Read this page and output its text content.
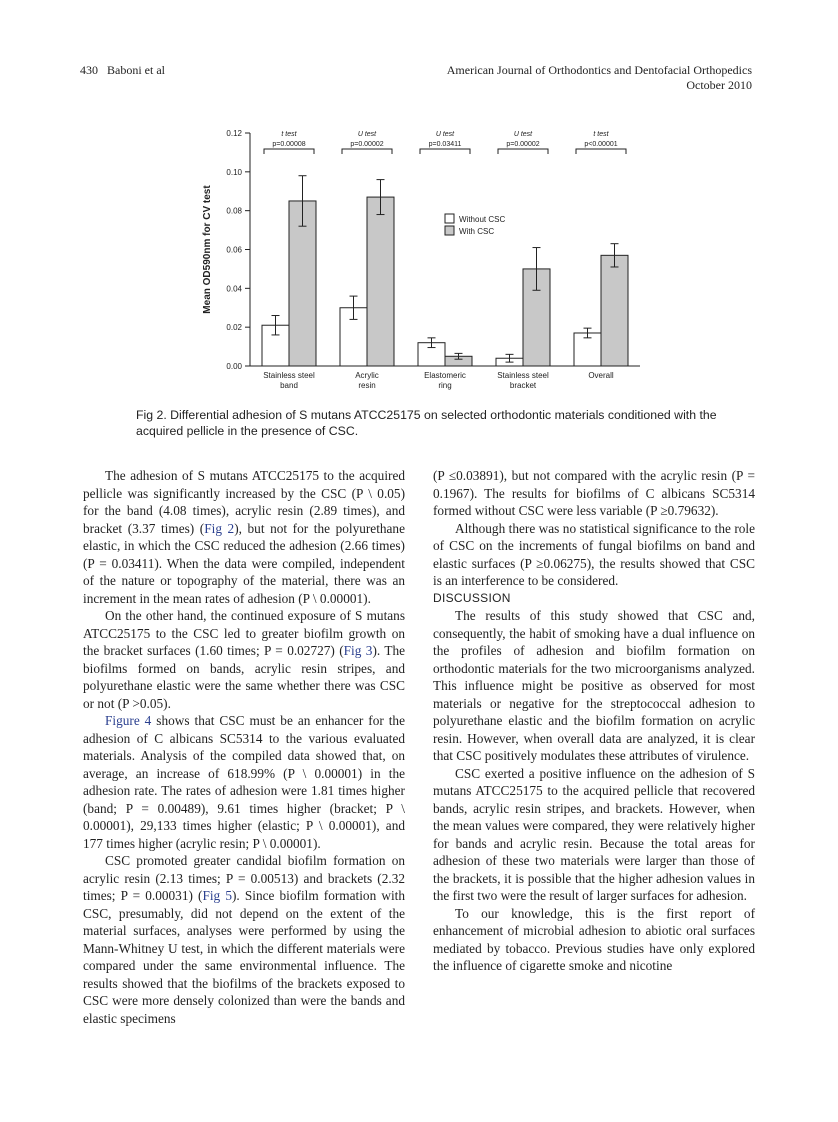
430 Baboni et al	American Journal of Orthodontics and Dentofacial Orthopedics
October 2010
0.00
0.02
0.04
0.06
0.08
0.10
0.12
Mean OD590nm for CV test
Stainless steel
band
t test
p=0.00008
Acrylic
resin
U test
p=0.00002
Elastomeric
ring
U test
p=0.03411
Stainless steel
bracket
U test
p=0.00002
Overall
t test
p<0.00001
Without CSC
With CSC
Fig 2. Differential adhesion of S mutans ATCC25175 on selected orthodontic materials conditioned with the acquired pellicle in the presence of CSC.

The adhesion of S mutans ATCC25175 to the acquired pellicle was significantly increased by the CSC (P \ 0.05) for the band (4.08 times), acrylic resin (2.89 times), and bracket (3.37 times) (Fig 2), but not for the polyurethane elastic, in which the CSC reduced the adhesion (2.66 times) (P = 0.03411). When the data were compiled, independent of the nature or topography of the material, there was an increment in the mean rates of adhesion (P \ 0.00001).

On the other hand, the continued exposure of S mutans ATCC25175 to the CSC led to greater biofilm growth on the bracket surfaces (1.60 times; P = 0.02727) (Fig 3). The biofilms formed on bands, acrylic resin stripes, and polyurethane elastic were the same whether there was CSC or not (P >0.05).

Figure 4 shows that CSC must be an enhancer for the adhesion of C albicans SC5314 to the various evaluated materials. Analysis of the compiled data showed that, on average, an increase of 618.99% (P \ 0.00001) in the adhesion rate. The rates of adhesion were 1.81 times higher (band; P = 0.00489), 9.61 times higher (bracket; P \ 0.00001), 29,133 times higher (elastic; P \ 0.00001), and 177 times higher (acrylic resin; P \ 0.00001).

CSC promoted greater candidal biofilm formation on acrylic resin (2.13 times; P = 0.00513) and brackets (2.32 times; P = 0.00031) (Fig 5). Since biofilm formation with CSC, presumably, did not depend on the extent of the material surfaces, analyses were performed by using the Mann-Whitney U test, in which the different materials were compared under the same environmental influence. The results showed that the biofilms of the brackets exposed to CSC were more densely colonized than were the bands and elastic specimens

(P ≤0.03891), but not compared with the acrylic resin (P = 0.1967). The results for biofilms of C albicans SC5314 formed without CSC were less variable (P ≥0.79632).

Although there was no statistical significance to the role of CSC on the increments of fungal biofilms on band and elastic surfaces (P ≥0.06275), the results showed that CSC is an interference to be considered.

DISCUSSION

The results of this study showed that CSC and, consequently, the habit of smoking have a dual influence on the profiles of adhesion and biofilm formation on orthodontic materials for the two microorganisms analyzed. This influence might be positive as observed for most materials or negative for the streptococcal adhesion to polyurethane elastic and the biofilm formation on acrylic resin. However, when overall data are analyzed, it is clear that CSC positively modulates these attributes of virulence.

CSC exerted a positive influence on the adhesion of S mutans ATCC25175 to the acquired pellicle that recovered bands, acrylic resin stripes, and brackets. However, when the mean values were compared, they were relatively higher for bands and acrylic resin. Because the total areas for adhesion of these two materials were larger than those of the brackets, it is possible that the higher adhesion values in the first two were the result of larger surfaces for adhesion.

To our knowledge, this is the first report of enhancement of microbial adhesion to abiotic oral surfaces mediated by tobacco. Previous studies have only explored the influence of cigarette smoke and nicotine
